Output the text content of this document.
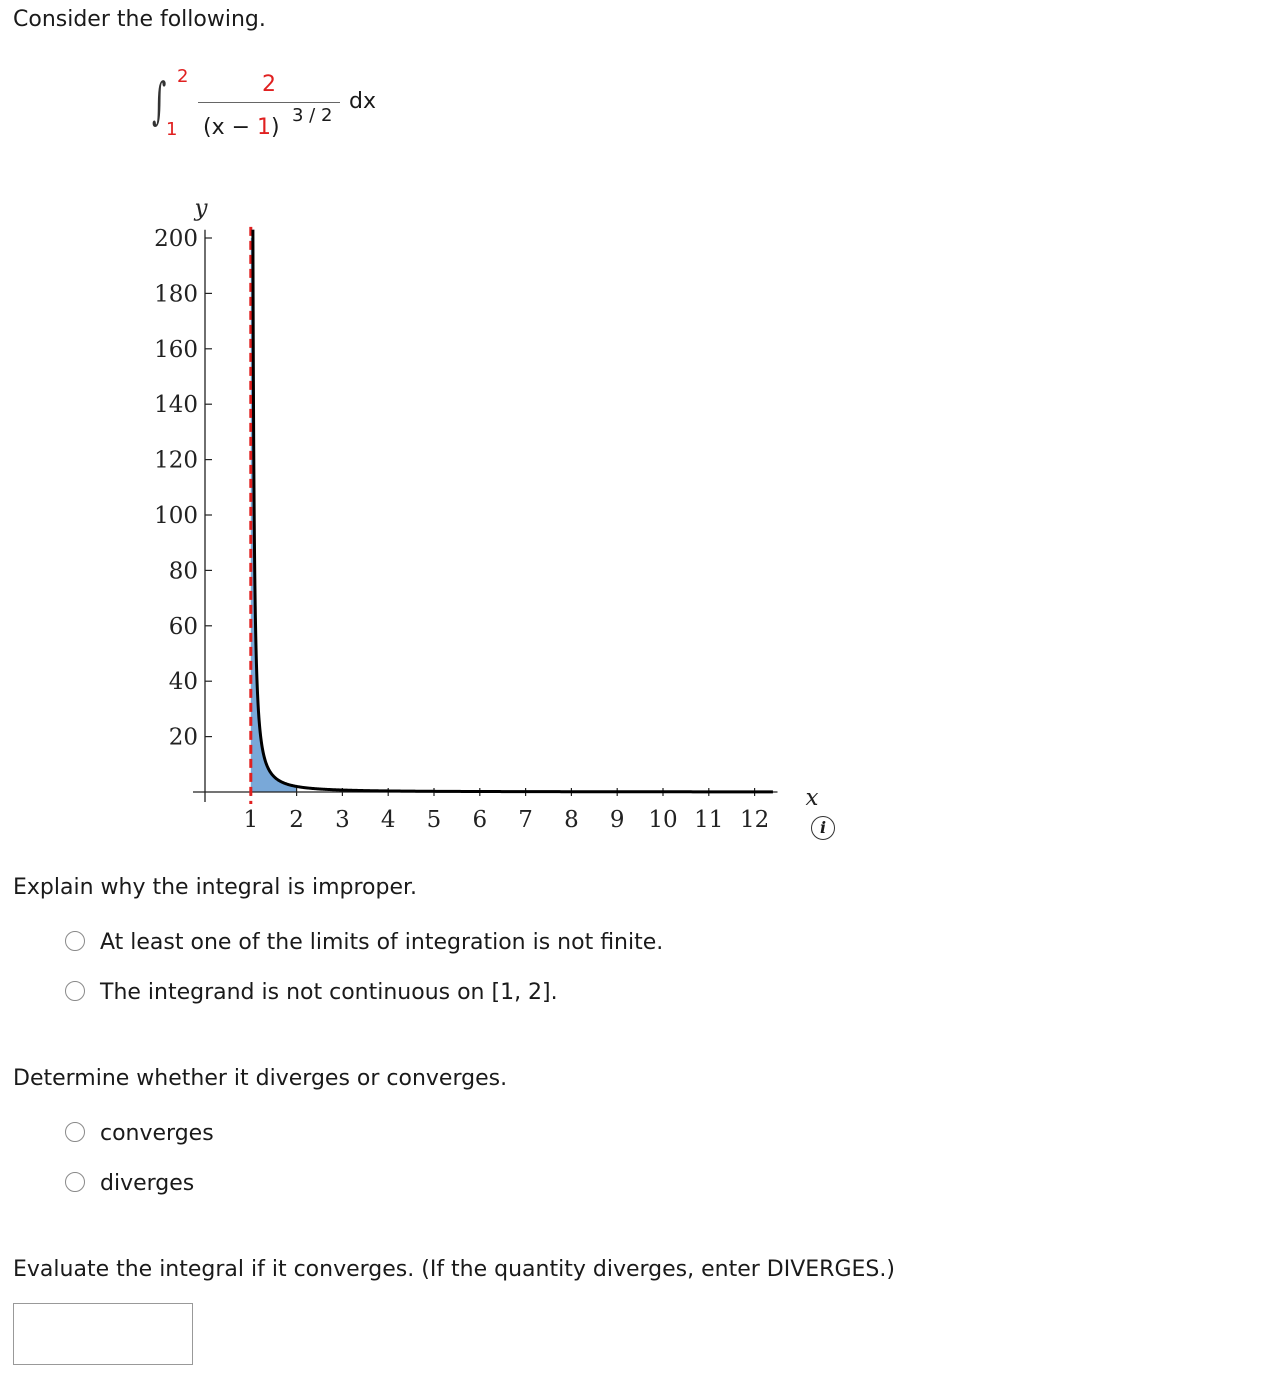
Consider the following.
∫ 2
1
2
(x − 1) 3 / 2
dx
1 2 3 4 5 6 7 8 9 10 11 12
20
40
60
80
100
120
140
160
180
200
x
y
i
Explain why the integral is improper.
At least one of the limits of integration is not finite.
The integrand is not continuous on [1, 2].
Determine whether it diverges or converges.
converges
diverges
Evaluate the integral if it converges. (If the quantity diverges, enter DIVERGES.)
